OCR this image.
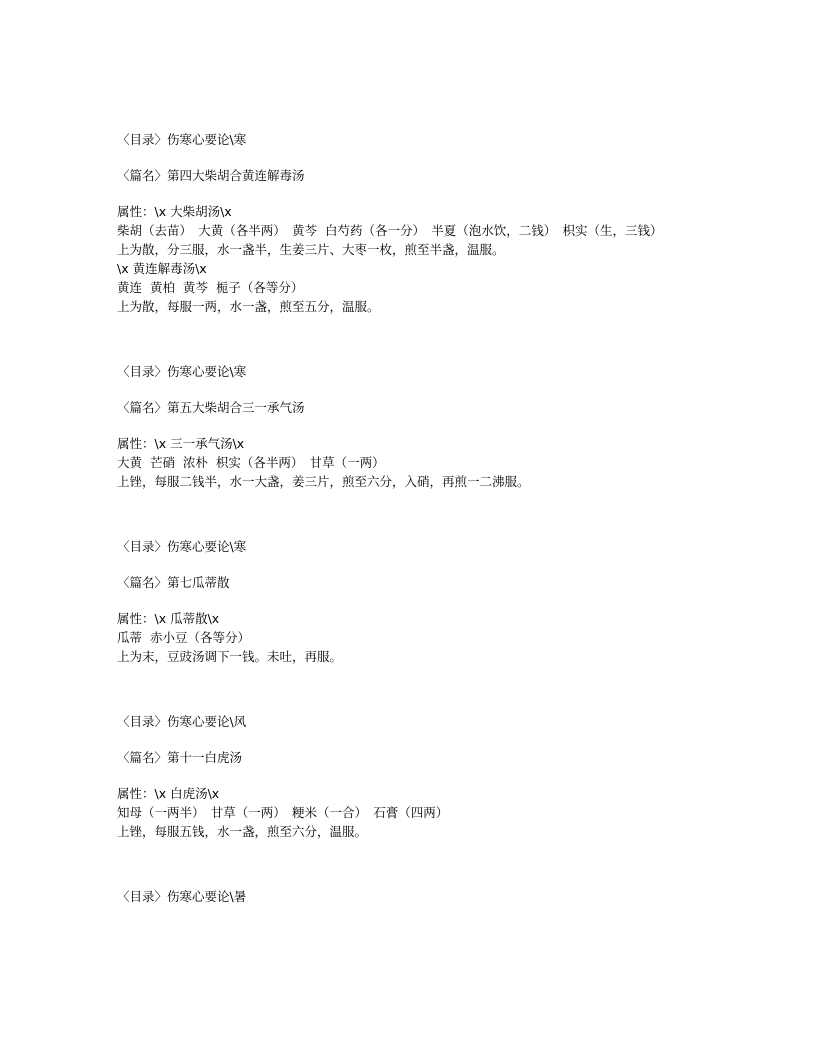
〈目录〉伤寒心要论\寒
〈篇名〉第四大柴胡合黄连解毒汤
属性：\x 大柴胡汤\x
柴胡（去苗）　大黄（各半两）　黄芩  白芍药（各一分）　半夏（泡水饮，二钱）　枳实（生，三钱）
上为散，分三服，水一盏半，生姜三片、大枣一枚，煎至半盏，温服。
\x 黄连解毒汤\x
黄连  黄柏  黄芩  栀子（各等分）
上为散，每服一两，水一盏，煎至五分，温服。
〈目录〉伤寒心要论\寒
〈篇名〉第五大柴胡合三一承气汤
属性：\x 三一承气汤\x
大黄  芒硝  浓朴  枳实（各半两）　甘草（一两）
上锉，每服二钱半，水一大盏，姜三片，煎至六分，入硝，再煎一二沸服。
〈目录〉伤寒心要论\寒
〈篇名〉第七瓜蒂散
属性：\x 瓜蒂散\x
瓜蒂  赤小豆（各等分）
上为末，豆豉汤调下一钱。未吐，再服。
〈目录〉伤寒心要论\风
〈篇名〉第十一白虎汤
属性：\x 白虎汤\x
知母（一两半）　甘草（一两）　粳米（一合）　石膏（四两）
上锉，每服五钱，水一盏，煎至六分，温服。
〈目录〉伤寒心要论\暑
